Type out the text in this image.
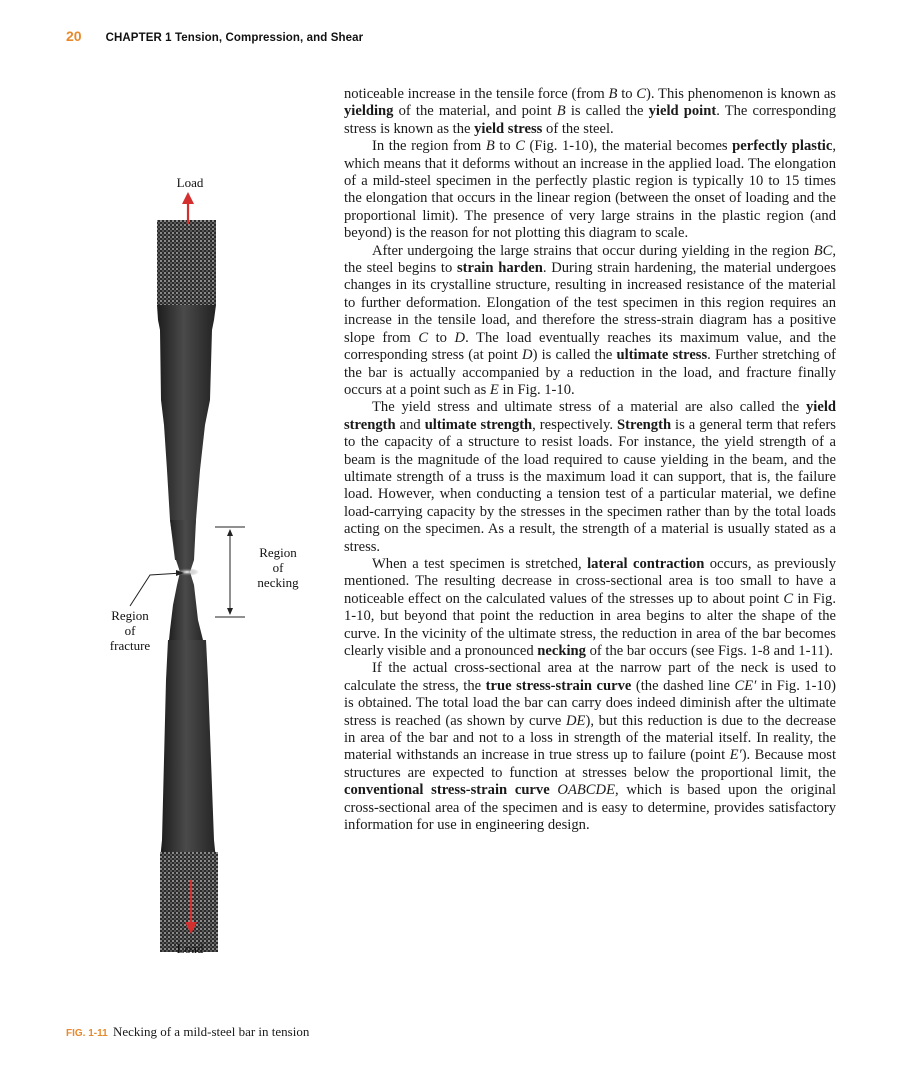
20 CHAPTER 1 Tension, Compression, and Shear
Load
Region
of
necking
Region
of
fracture
Load
FIG. 1-11 Necking of a mild-steel bar in tension

noticeable increase in the tensile force (from B to C). This phenomenon is known as yielding of the material, and point B is called the yield point. The corresponding stress is known as the yield stress of the steel.

In the region from B to C (Fig. 1-10), the material becomes perfectly plastic, which means that it deforms without an increase in the applied load. The elongation of a mild-steel specimen in the perfectly plastic region is typically 10 to 15 times the elongation that occurs in the linear region (between the onset of loading and the proportional limit). The presence of very large strains in the plastic region (and beyond) is the reason for not plotting this diagram to scale.

After undergoing the large strains that occur during yielding in the region BC, the steel begins to strain harden. During strain hardening, the material undergoes changes in its crystalline structure, resulting in increased resistance of the material to further deformation. Elongation of the test specimen in this region requires an increase in the tensile load, and therefore the stress-strain diagram has a positive slope from C to D. The load eventually reaches its maximum value, and the corresponding stress (at point D) is called the ultimate stress. Further stretching of the bar is actually accompanied by a reduction in the load, and fracture finally occurs at a point such as E in Fig. 1-10.

The yield stress and ultimate stress of a material are also called the yield strength and ultimate strength, respectively. Strength is a general term that refers to the capacity of a structure to resist loads. For instance, the yield strength of a beam is the magnitude of the load required to cause yielding in the beam, and the ultimate strength of a truss is the maximum load it can support, that is, the failure load. However, when conducting a tension test of a particular material, we define load-carrying capacity by the stresses in the specimen rather than by the total loads acting on the specimen. As a result, the strength of a material is usually stated as a stress.

When a test specimen is stretched, lateral contraction occurs, as previously mentioned. The resulting decrease in cross-sectional area is too small to have a noticeable effect on the calculated values of the stresses up to about point C in Fig. 1-10, but beyond that point the reduction in area begins to alter the shape of the curve. In the vicinity of the ultimate stress, the reduction in area of the bar becomes clearly visible and a pronounced necking of the bar occurs (see Figs. 1-8 and 1-11).

If the actual cross-sectional area at the narrow part of the neck is used to calculate the stress, the true stress-strain curve (the dashed line CE′ in Fig. 1-10) is obtained. The total load the bar can carry does indeed diminish after the ultimate stress is reached (as shown by curve DE), but this reduction is due to the decrease in area of the bar and not to a loss in strength of the material itself. In reality, the material withstands an increase in true stress up to failure (point E′). Because most structures are expected to function at stresses below the proportional limit, the conventional stress-strain curve OABCDE, which is based upon the original cross-sectional area of the specimen and is easy to determine, provides satisfactory information for use in engineering design.
